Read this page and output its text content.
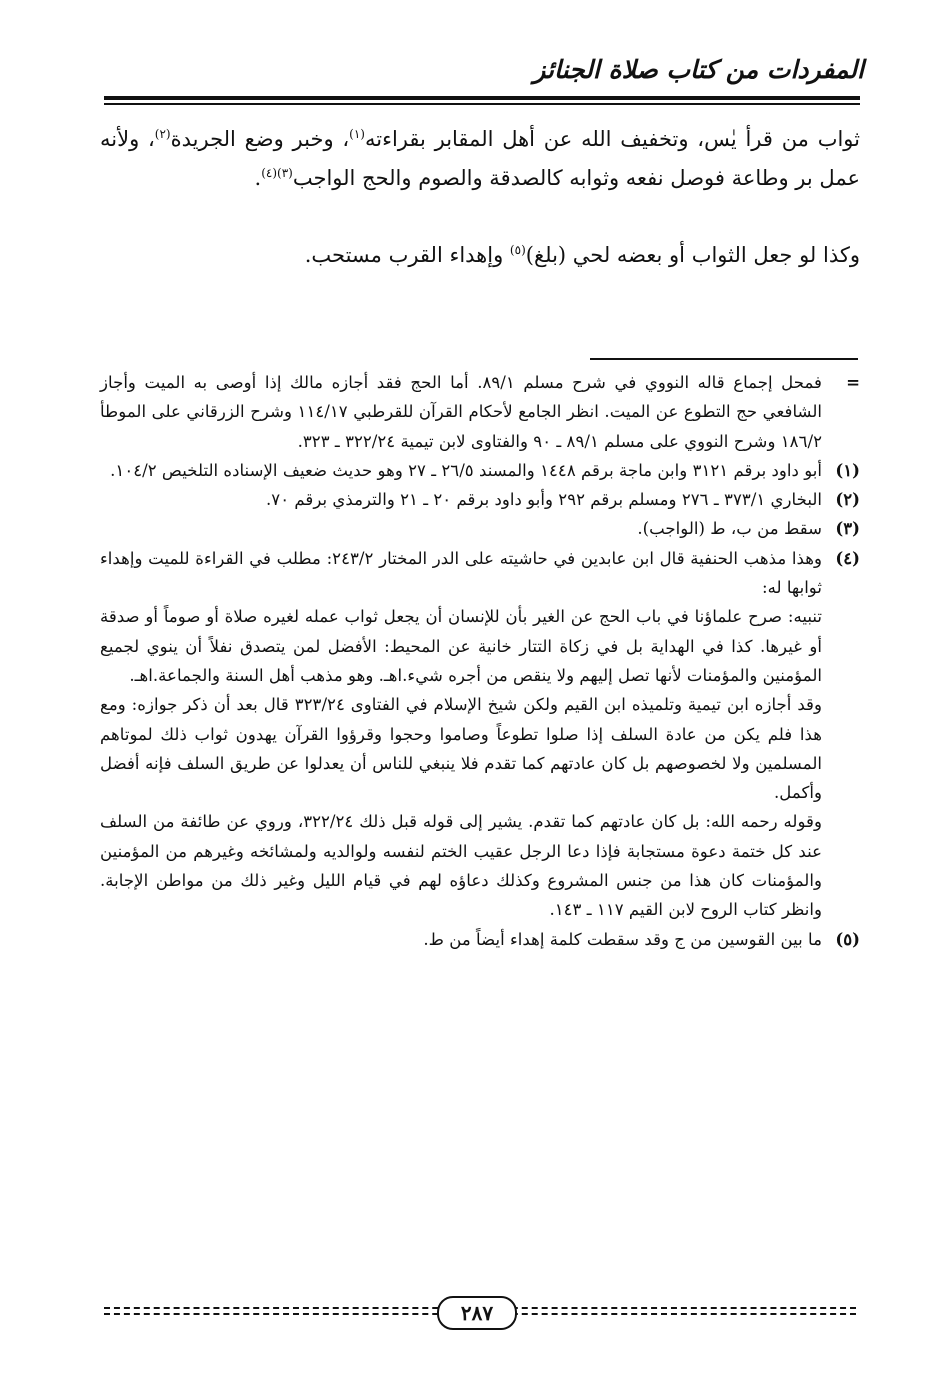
المفردات من كتاب صلاة الجنائز

ثواب من قرأ يٰس، وتخفيف الله عن أهل المقابر بقراءته$^{(١)}$، وخبر وضع الجريدة$^{(٢)}$، ولأنه عمل بر وطاعة فوصل نفعه وثوابه كالصدقة والصوم والحج الواجب$^{(٣)(٤)}$.

وكذا لو جعل الثواب أو بعضه لحي (بلغ)$^{(٥)}$ وإهداء القرب مستحب.

=

فمحل إجماع قاله النووي في شرح مسلم ٨٩/١. أما الحج فقد أجازه مالك إذا أوصى به الميت وأجاز الشافعي حج التطوع عن الميت. انظر الجامع لأحكام القرآن للقرطبي ١١٤/١٧ وشرح الزرقاني على الموطأ ١٨٦/٢ وشرح النووي على مسلم ٨٩/١ ـ ٩٠ والفتاوى لابن تيمية ٣٢٢/٢٤ ـ ٣٢٣.

(١)

أبو داود برقم ٣١٢١ وابن ماجة برقم ١٤٤٨ والمسند ٢٦/٥ ـ ٢٧ وهو حديث ضعيف الإسناده التلخيص ١٠٤/٢.

(٢)

البخاري ٣٧٣/١ ـ ٢٧٦ ومسلم برقم ٢٩٢ وأبو داود برقم ٢٠ ـ ٢١ والترمذي برقم ٧٠.

(٣)

سقط من ب، ط (الواجب).

(٤)

وهذا مذهب الحنفية قال ابن عابدين في حاشيته على الدر المختار ٢٤٣/٢: مطلب في القراءة للميت وإهداء ثوابها له:

تنبيه: صرح علماؤنا في باب الحج عن الغير بأن للإنسان أن يجعل ثواب عمله لغيره صلاة أو صوماً أو صدقة أو غيرها. كذا في الهداية بل في زكاة التتار خانية عن المحيط: الأفضل لمن يتصدق نفلاً أن ينوي لجميع المؤمنين والمؤمنات لأنها تصل إليهم ولا ينقص من أجره شيء.اهـ. وهو مذهب أهل السنة والجماعة.اهـ.

وقد أجازه ابن تيمية وتلميذه ابن القيم ولكن شيخ الإسلام في الفتاوى ٣٢٣/٢٤ قال بعد أن ذكر جوازه: ومع هذا فلم يكن من عادة السلف إذا صلوا تطوعاً وصاموا وحجوا وقرؤوا القرآن يهدون ثواب ذلك لموتاهم المسلمين ولا لخصوصهم بل كان عادتهم كما تقدم فلا ينبغي للناس أن يعدلوا عن طريق السلف فإنه أفضل وأكمل.

وقوله رحمه الله: بل كان عادتهم كما تقدم. يشير إلى قوله قبل ذلك ٣٢٢/٢٤، وروي عن طائفة من السلف عند كل ختمة دعوة مستجابة فإذا دعا الرجل عقيب الختم لنفسه ولوالديه ولمشائخه وغيرهم من المؤمنين والمؤمنات كان هذا من جنس المشروع وكذلك دعاؤه لهم في قيام الليل وغير ذلك من مواطن الإجابة. وانظر كتاب الروح لابن القيم ١١٧ ـ ١٤٣.

(٥)

ما بين القوسين من ج وقد سقطت كلمة إهداء أيضاً من ط.

٢٨٧
